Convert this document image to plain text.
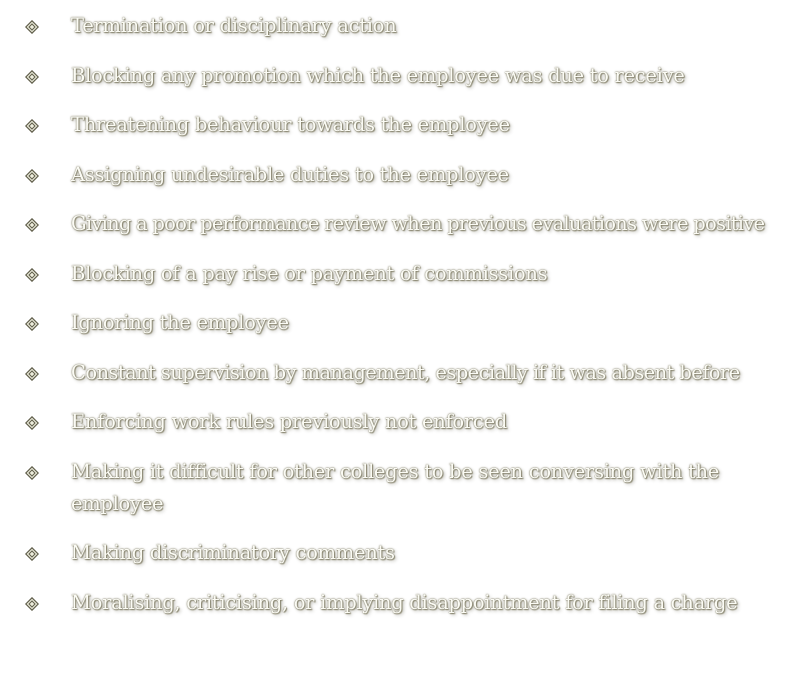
Termination or disciplinary action
Blocking any promotion which the employee was due to receive
Threatening behaviour towards the employee
Assigning undesirable duties to the employee
Giving a poor performance review when previous evaluations were positive
Blocking of a pay rise or payment of commissions
Ignoring the employee
Constant supervision by management, especially if it was absent before
Enforcing work rules previously not enforced
Making it difficult for other colleges to be seen conversing with the employee
Making discriminatory comments
Moralising, criticising, or implying disappointment for filing a charge
